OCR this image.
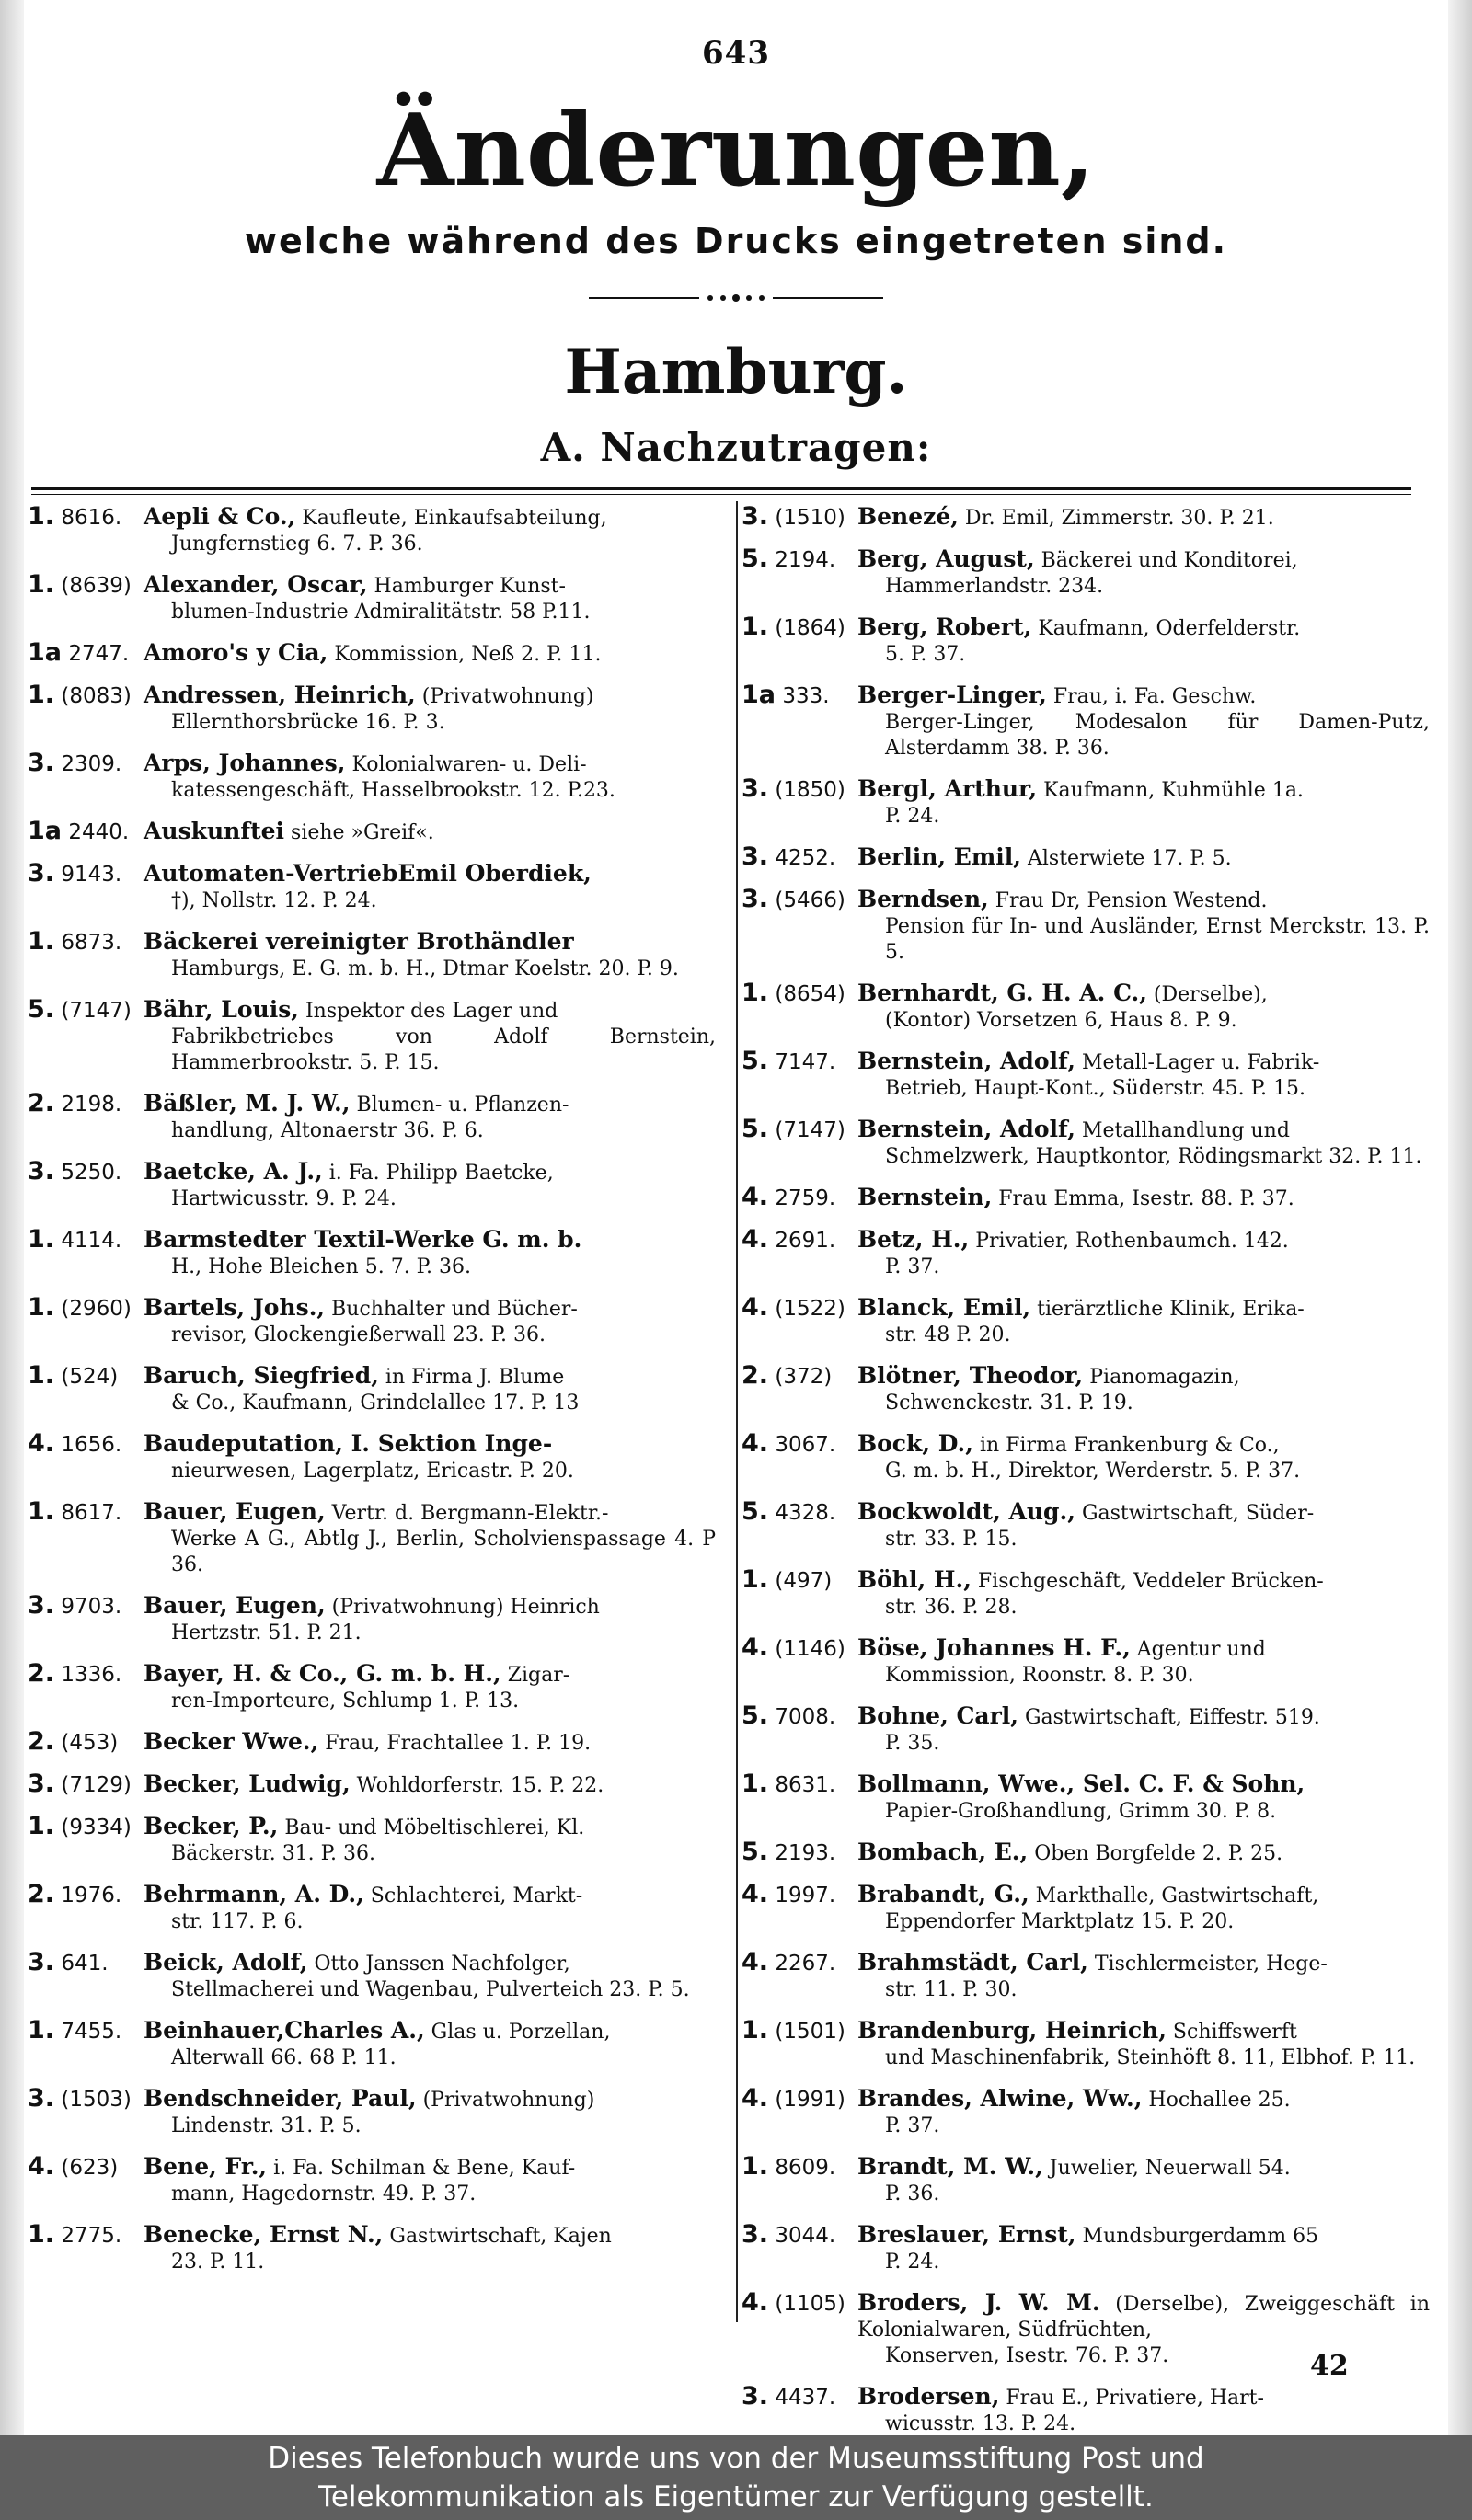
643
Änderungen,
welche während des Drucks eingetreten sind.
Hamburg.
A. Nachzutragen:
1. 8616. Aepli & Co., Kaufleute, Einkaufsabteilung,
Jungfernstieg 6. 7. P. 36.
1. (8639) Alexander, Oscar, Hamburger Kunst-
blumen-Industrie Admiralitätstr. 58 P.11.
1a 2747. Amoro's y Cia, Kommission, Neß 2. P. 11.
1. (8083) Andressen, Heinrich, (Privatwohnung)
Ellernthorsbrücke 16. P. 3.
3. 2309. Arps, Johannes, Kolonialwaren- u. Deli-
katessengeschäft, Hasselbrookstr. 12. P.23.
1a 2440. Auskunftei siehe »Greif«.
3. 9143. Automaten-VertriebEmil Oberdiek,
†), Nollstr. 12. P. 24.
1. 6873. Bäckerei vereinigter Brothändler
Hamburgs, E. G. m. b. H., Dtmar Koelstr. 20. P. 9.
5. (7147) Bähr, Louis, Inspektor des Lager und
Fabrikbetriebes von Adolf Bernstein, Hammerbrookstr. 5. P. 15.
2. 2198. Bäßler, M. J. W., Blumen- u. Pflanzen-
handlung, Altonaerstr 36. P. 6.
3. 5250. Baetcke, A. J., i. Fa. Philipp Baetcke,
Hartwicusstr. 9. P. 24.
1. 4114. Barmstedter Textil-Werke G. m. b.
H., Hohe Bleichen 5. 7. P. 36.
1. (2960) Bartels, Johs., Buchhalter und Bücher-
revisor, Glockengießerwall 23. P. 36.
1. (524)	Baruch, Siegfried, in Firma J. Blume
& Co., Kaufmann, Grindelallee 17. P. 13
4. 1656. Baudeputation, I. Sektion Inge-
nieurwesen, Lagerplatz, Ericastr. P. 20.
1. 8617. Bauer, Eugen, Vertr. d. Bergmann-Elektr.-
Werke A G., Abtlg J., Berlin, Scholvienspassage 4. P 36.
3. 9703. Bauer, Eugen, (Privatwohnung) Heinrich
Hertzstr. 51. P. 21.
2. 1336. Bayer, H. & Co., G. m. b. H., Zigar-
ren-Importeure, Schlump 1. P. 13.
2. (453)	Becker Wwe., Frau, Frachtallee 1. P. 19.
3. (7129) Becker, Ludwig, Wohldorferstr. 15. P. 22.
1. (9334) Becker, P., Bau- und Möbeltischlerei, Kl.
Bäckerstr. 31. P. 36.
2. 1976. Behrmann, A. D., Schlachterei, Markt-
str. 117. P. 6.
3. 641.	Beick, Adolf, Otto Janssen Nachfolger,
Stellmacherei und Wagenbau, Pulverteich 23. P. 5.
1. 7455. Beinhauer,Charles A., Glas u. Porzellan,
Alterwall 66. 68 P. 11.
3. (1503) Bendschneider, Paul, (Privatwohnung)
Lindenstr. 31. P. 5.
4. (623)	Bene, Fr., i. Fa. Schilman & Bene, Kauf-
mann, Hagedornstr. 49. P. 37.
1. 2775. Benecke, Ernst N., Gastwirtschaft, Kajen
23. P. 11.
3. (1510) Benezé, Dr. Emil, Zimmerstr. 30. P. 21.
5. 2194. Berg, August, Bäckerei und Konditorei,
Hammerlandstr. 234.
1. (1864) Berg, Robert, Kaufmann, Oderfelderstr.
5. P. 37.
1a 333.	Berger-Linger, Frau, i. Fa. Geschw.
Berger-Linger, Modesalon für Damen-Putz, Alsterdamm 38. P. 36.
3. (1850) Bergl, Arthur, Kaufmann, Kuhmühle 1a.
P. 24.
3. 4252. Berlin, Emil, Alsterwiete 17. P. 5.
3. (5466) Berndsen, Frau Dr, Pension Westend.
Pension für In- und Ausländer, Ernst Merckstr. 13. P. 5.
1. (8654) Bernhardt, G. H. A. C., (Derselbe),
(Kontor) Vorsetzen 6, Haus 8. P. 9.
5. 7147. Bernstein, Adolf, Metall-Lager u. Fabrik-
Betrieb, Haupt-Kont., Süderstr. 45. P. 15.
5. (7147) Bernstein, Adolf, Metallhandlung und
Schmelzwerk, Hauptkontor, Rödingsmarkt 32. P. 11.
4. 2759. Bernstein, Frau Emma, Isestr. 88. P. 37.
4. 2691. Betz, H., Privatier, Rothenbaumch. 142.
P. 37.
4. (1522) Blanck, Emil, tierärztliche Klinik, Erika-
str. 48 P. 20.
2. (372)	Blötner, Theodor, Pianomagazin,
Schwenckestr. 31. P. 19.
4. 3067. Bock, D., in Firma Frankenburg & Co.,
G. m. b. H., Direktor, Werderstr. 5. P. 37.
5. 4328. Bockwoldt, Aug., Gastwirtschaft, Süder-
str. 33. P. 15.
1. (497)	Böhl, H., Fischgeschäft, Veddeler Brücken-
str. 36. P. 28.
4. (1146) Böse, Johannes H. F., Agentur und
Kommission, Roonstr. 8. P. 30.
5. 7008. Bohne, Carl, Gastwirtschaft, Eiffestr. 519.
P. 35.
1. 8631. Bollmann, Wwe., Sel. C. F. & Sohn,
Papier-Großhandlung, Grimm 30. P. 8.
5. 2193. Bombach, E., Oben Borgfelde 2. P. 25.
4. 1997. Brabandt, G., Markthalle, Gastwirtschaft,
Eppendorfer Marktplatz 15. P. 20.
4. 2267. Brahmstädt, Carl, Tischlermeister, Hege-
str. 11. P. 30.
1. (1501) Brandenburg, Heinrich, Schiffswerft
und Maschinenfabrik, Steinhöft 8. 11, Elbhof. P. 11.
4. (1991) Brandes, Alwine, Ww., Hochallee 25.
P. 37.
1. 8609. Brandt, M. W., Juwelier, Neuerwall 54.
P. 36.
3. 3044. Breslauer, Ernst, Mundsburgerdamm 65
P. 24.
4. (1105) Broders, J. W. M. (Derselbe), Zweiggeschäft in Kolonialwaren, Südfrüchten,
Konserven, Isestr. 76. P. 37.
3. 4437. Brodersen, Frau E., Privatiere, Hart-
wicusstr. 13. P. 24.
42
Dieses Telefonbuch wurde uns von der Museumsstiftung Post und
Telekommunikation als Eigentümer zur Verfügung gestellt.
